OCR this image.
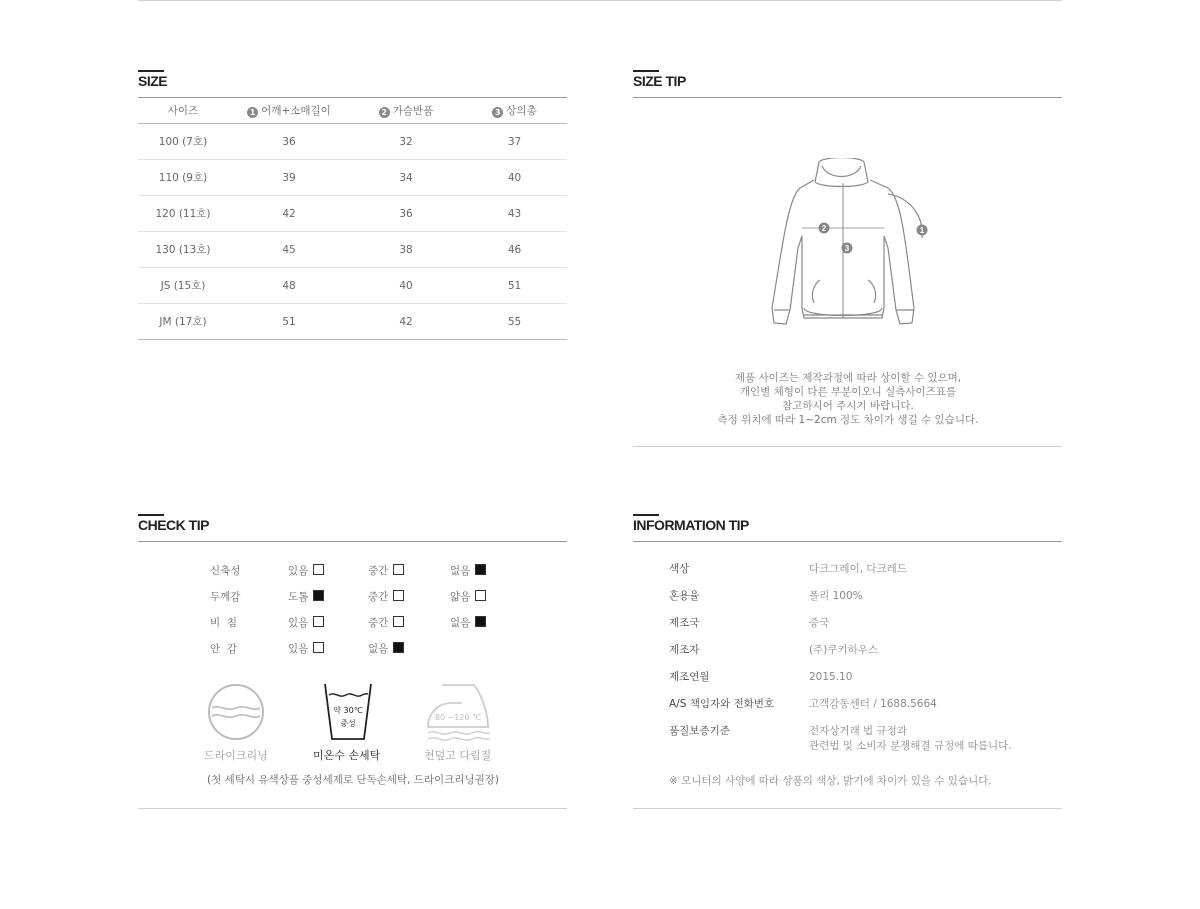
SIZE
사이즈	1 어깨+소매길이	2 가슴반품	3 상의총
100 (7호)	36	32	37
110 (9호)	39	34	40
120 (11호)	42	36	43
130 (13호)	45	38	46
JS (15호)	48	40	51
JM (17호)	51	42	55
SIZE TIP
1
2
3
제품 사이즈는 제작과정에 따라 상이할 수 있으며,
개인별 체형이 다른 부분이오니 실측사이즈표를
참고하시어 주시기 바랍니다.
측정 위치에 따라 1~2cm 정도 차이가 생길 수 있습니다.
CHECK TIP
신축성	있음	중간	없음
두께감	도톰	중간	얇음
비  침	있음	중간	없음
안  감	있음	없음
약 30℃
중성
80 ~120 ℃
드라이크리닝	미온수 손세탁	천덮고 다림질
(첫 세탁시 유색상품 중성세제로 단독손세탁, 드라이크리닝권장)
INFORMATION TIP
색상	다크그레이, 다크레드
혼용율	폴리 100%
제조국	중국
제조자	(주)쿠키하우스
제조연월	2015.10
A/S 책임자와 전화번호	고객감동센터 / 1688.5664
품질보증기준	전자상거래 법 규정과
관련법 및 소비자 분쟁해결 규정에 따릅니다.
※ 모니터의 사양에 따라 상품의 색상, 밝기에 차이가 있을 수 있습니다.
